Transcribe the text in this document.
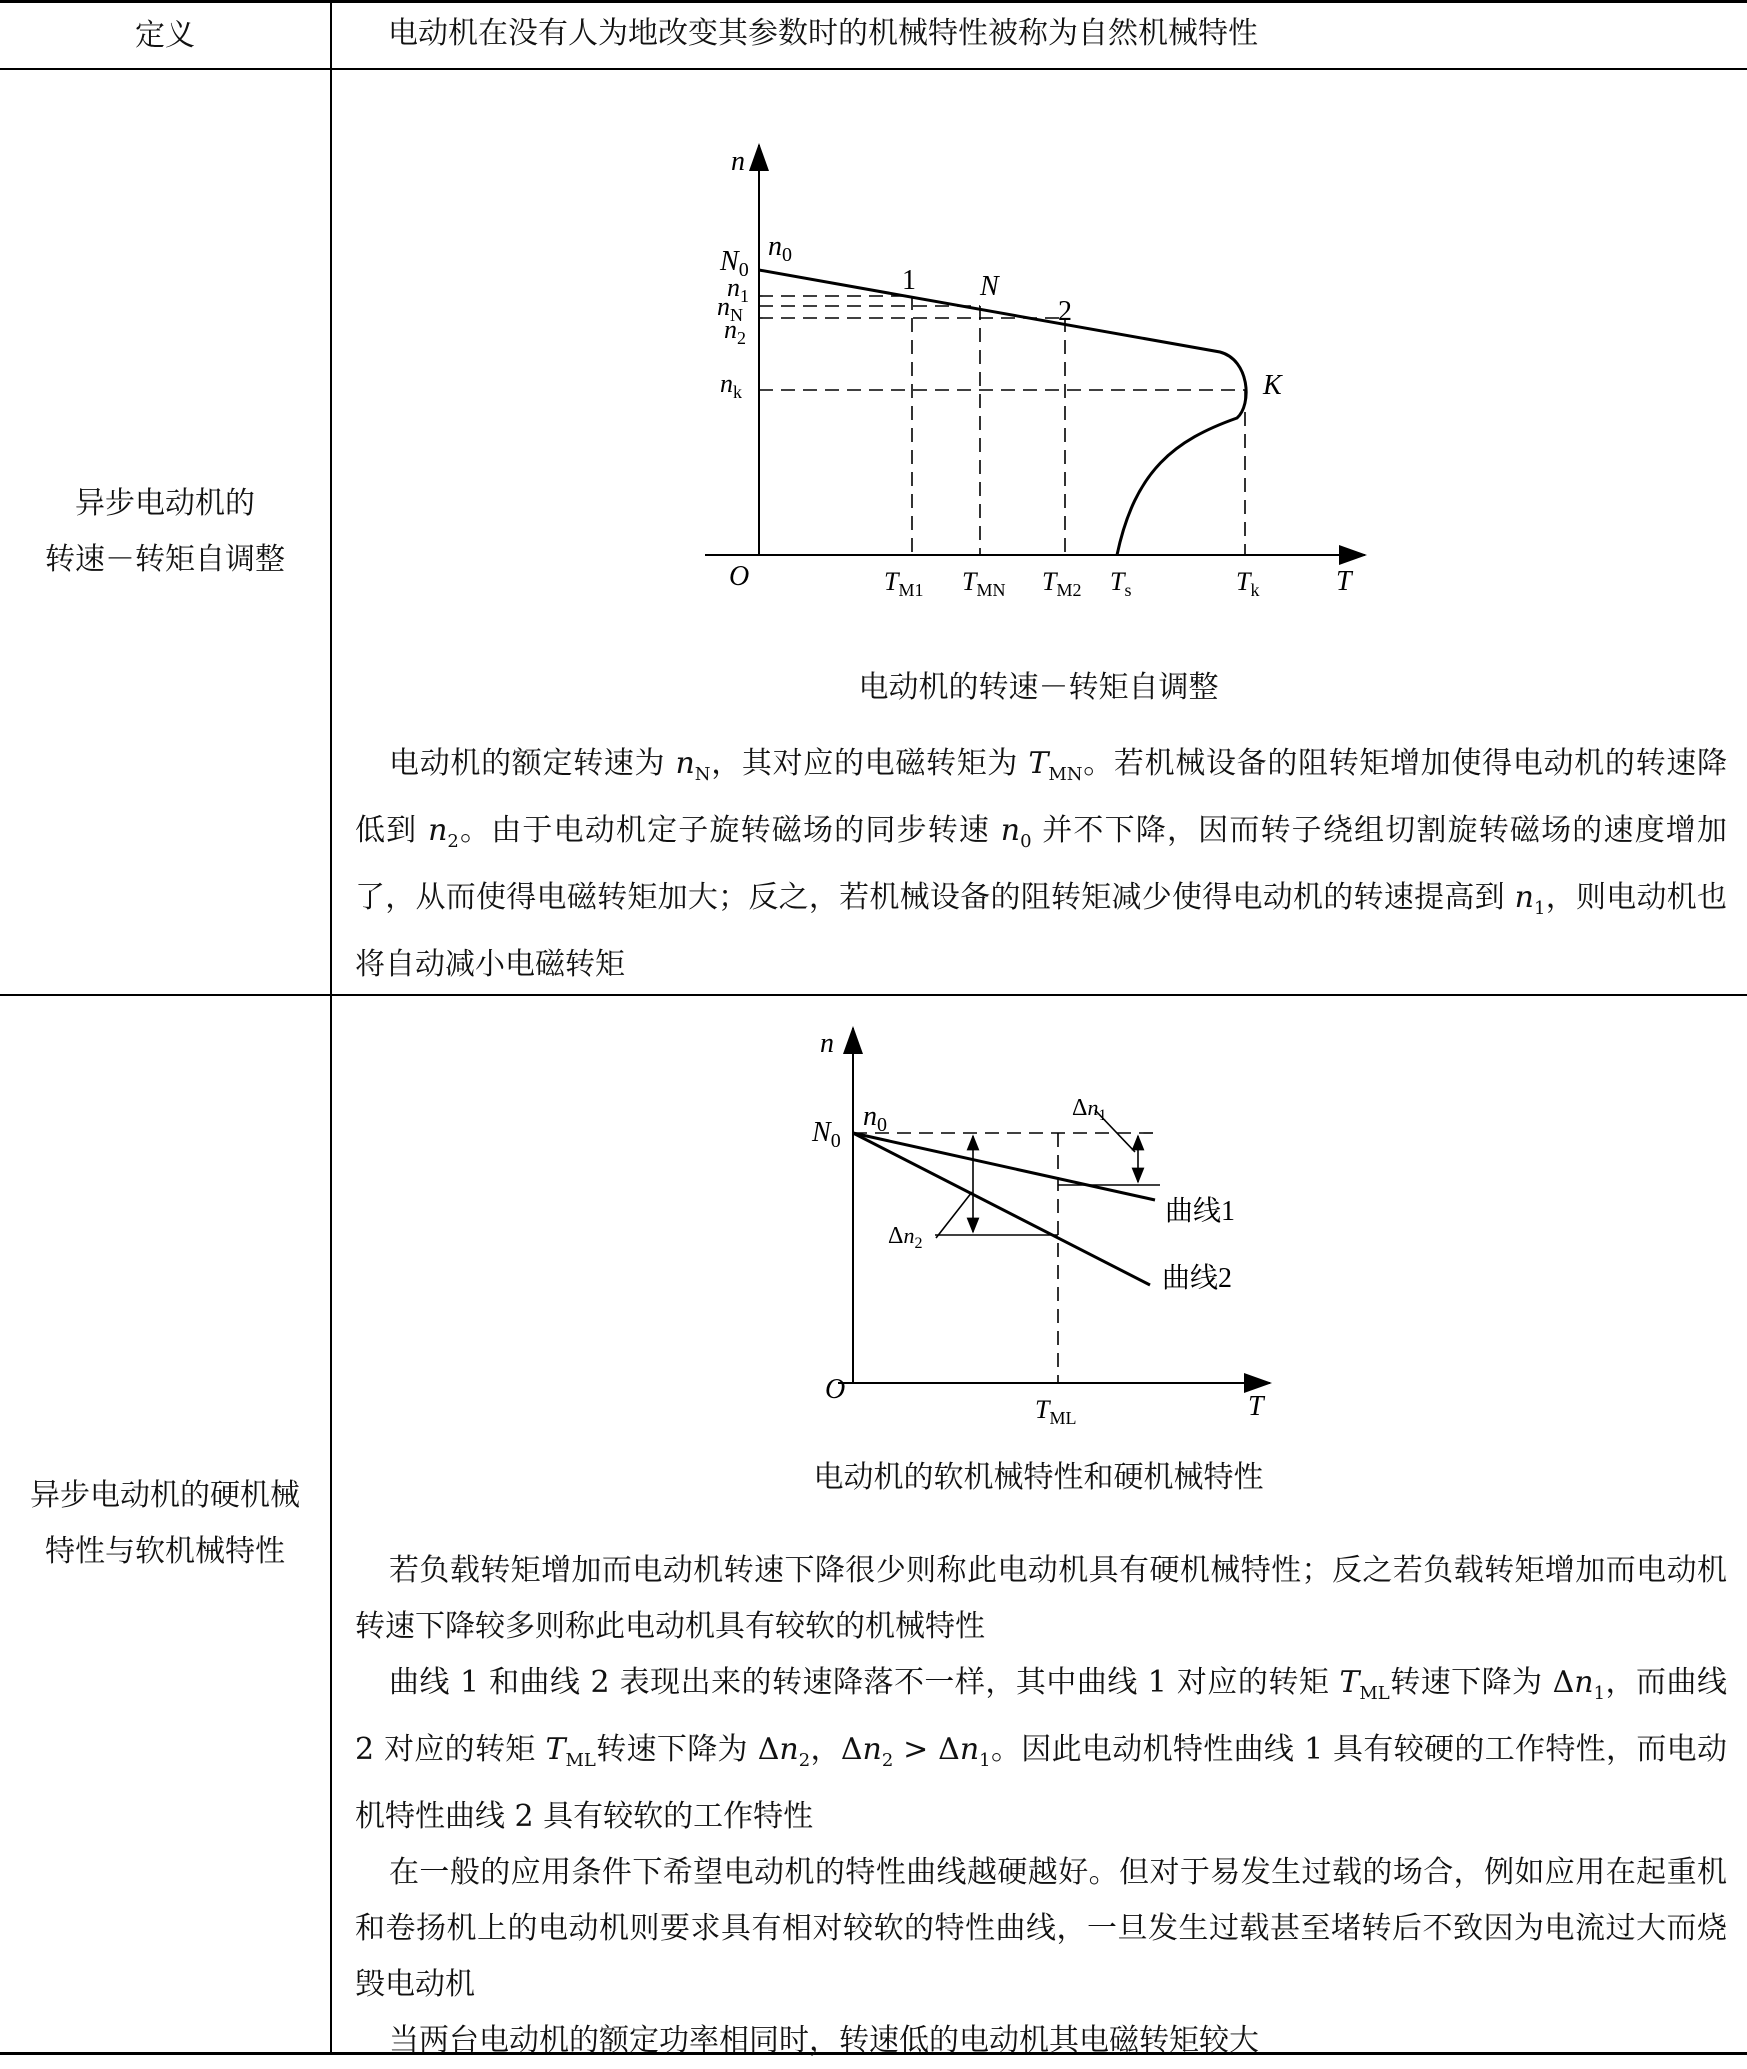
定义	电动机在没有人为地改变其参数时的机械特性被称为自然机械特性
异步电动机的
转速－转矩自调整
n
T
O
$N_0$
$n_0$
$n_1$
$n_N$
$n_2$
$n_k$
$T_{M1}$ $T_{MN}$ $T_{M2}$ $T_s$	$T_k$
1 N
2
K
电动机的转速－转矩自调整

电动机的额定转速为 $n_N$，其对应的电磁转矩为 $T_{MN}$。若机械设备的阻转矩增加使得电动机的转速降低到 $n_2$。由于电动机定子旋转磁场的同步转速 $n_0$ 并不下降，因而转子绕组切割旋转磁场的速度增加了，从而使得电磁转矩加大；反之，若机械设备的阻转矩减少使得电动机的转速提高到 $n_1$，则电动机也将自动减小电磁转矩

异步电动机的硬机械
特性与软机械特性
n
T
O
$N_0$
$n_0$
$\Delta n_1$
$\Delta n_2$
曲线1
曲线2
$T_{ML}$
电动机的软机械特性和硬机械特性

若负载转矩增加而电动机转速下降很少则称此电动机具有硬机械特性；反之若负载转矩增加而电动机转速下降较多则称此电动机具有较软的机械特性

曲线 1 和曲线 2 表现出来的转速降落不一样，其中曲线 1 对应的转矩 $T_{ML}$转速下降为 $\Delta n_1$，而曲线 2 对应的转矩 $T_{ML}$转速下降为 $\Delta n_2$，$\Delta n_2 > \Delta n_1$。因此电动机特性曲线 1 具有较硬的工作特性，而电动机特性曲线 2 具有较软的工作特性

在一般的应用条件下希望电动机的特性曲线越硬越好。但对于易发生过载的场合，例如应用在起重机和卷扬机上的电动机则要求具有相对较软的特性曲线，一旦发生过载甚至堵转后不致因为电流过大而烧毁电动机

当两台电动机的额定功率相同时，转速低的电动机其电磁转矩较大
